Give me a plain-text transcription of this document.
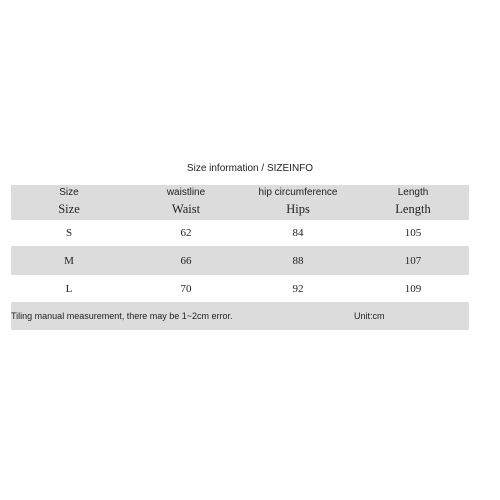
Size information / SIZEINFO
Size	waistline	hip circumference	Length
Size	Waist	Hips	Length
S	62	84	105
M	66	88	107
L	70	92	109
Tiling manual measurement, there may be 1~2cm error.	Unit:cm
